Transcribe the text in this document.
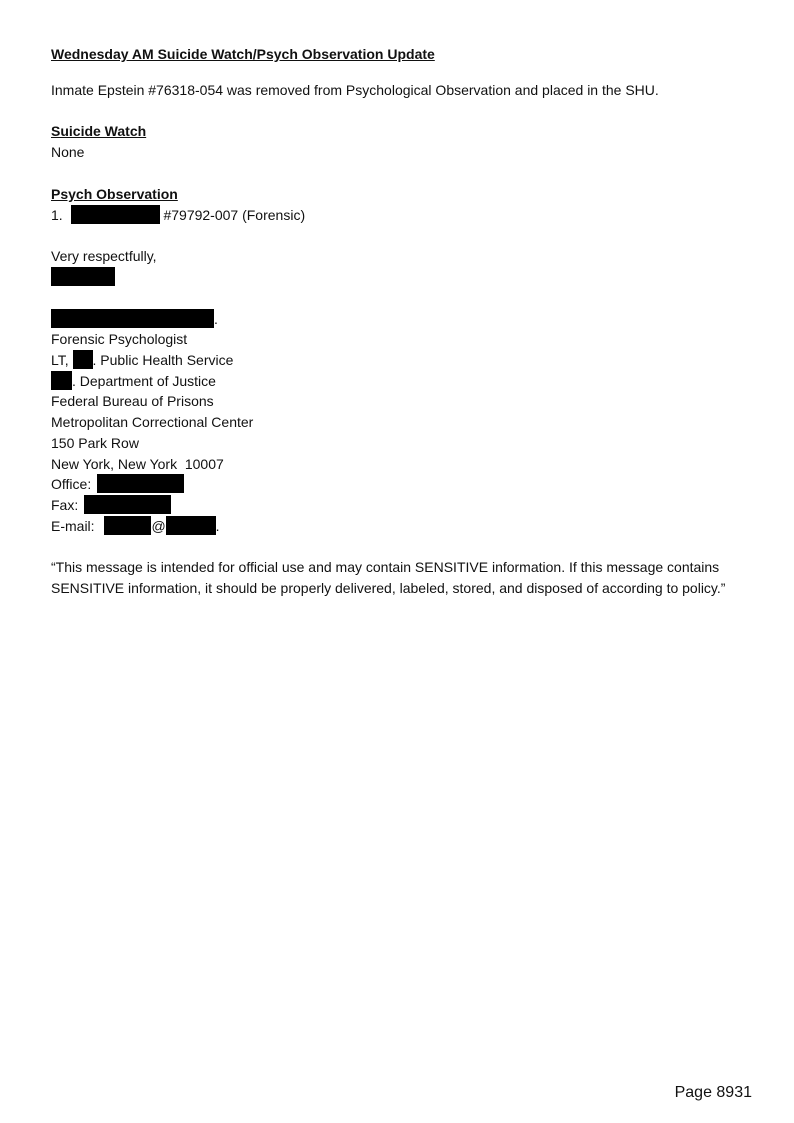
Wednesday AM Suicide Watch/Psych Observation Update
Inmate Epstein #76318-054 was removed from Psychological Observation and placed in the SHU.
Suicide Watch
None
Psych Observation
1.	#79792-007 (Forensic)
Very respectfully,
.
Forensic Psychologist
LT, . Public Health Service
. Department of Justice
Federal Bureau of Prisons
Metropolitan Correctional Center
150 Park Row
New York, New York  10007
Office:
Fax:
E-mail:	@	.
“This message is intended for official use and may contain SENSITIVE information. If this message contains SENSITIVE information, it should be properly delivered, labeled, stored, and disposed of according to policy.”
Page 8931
